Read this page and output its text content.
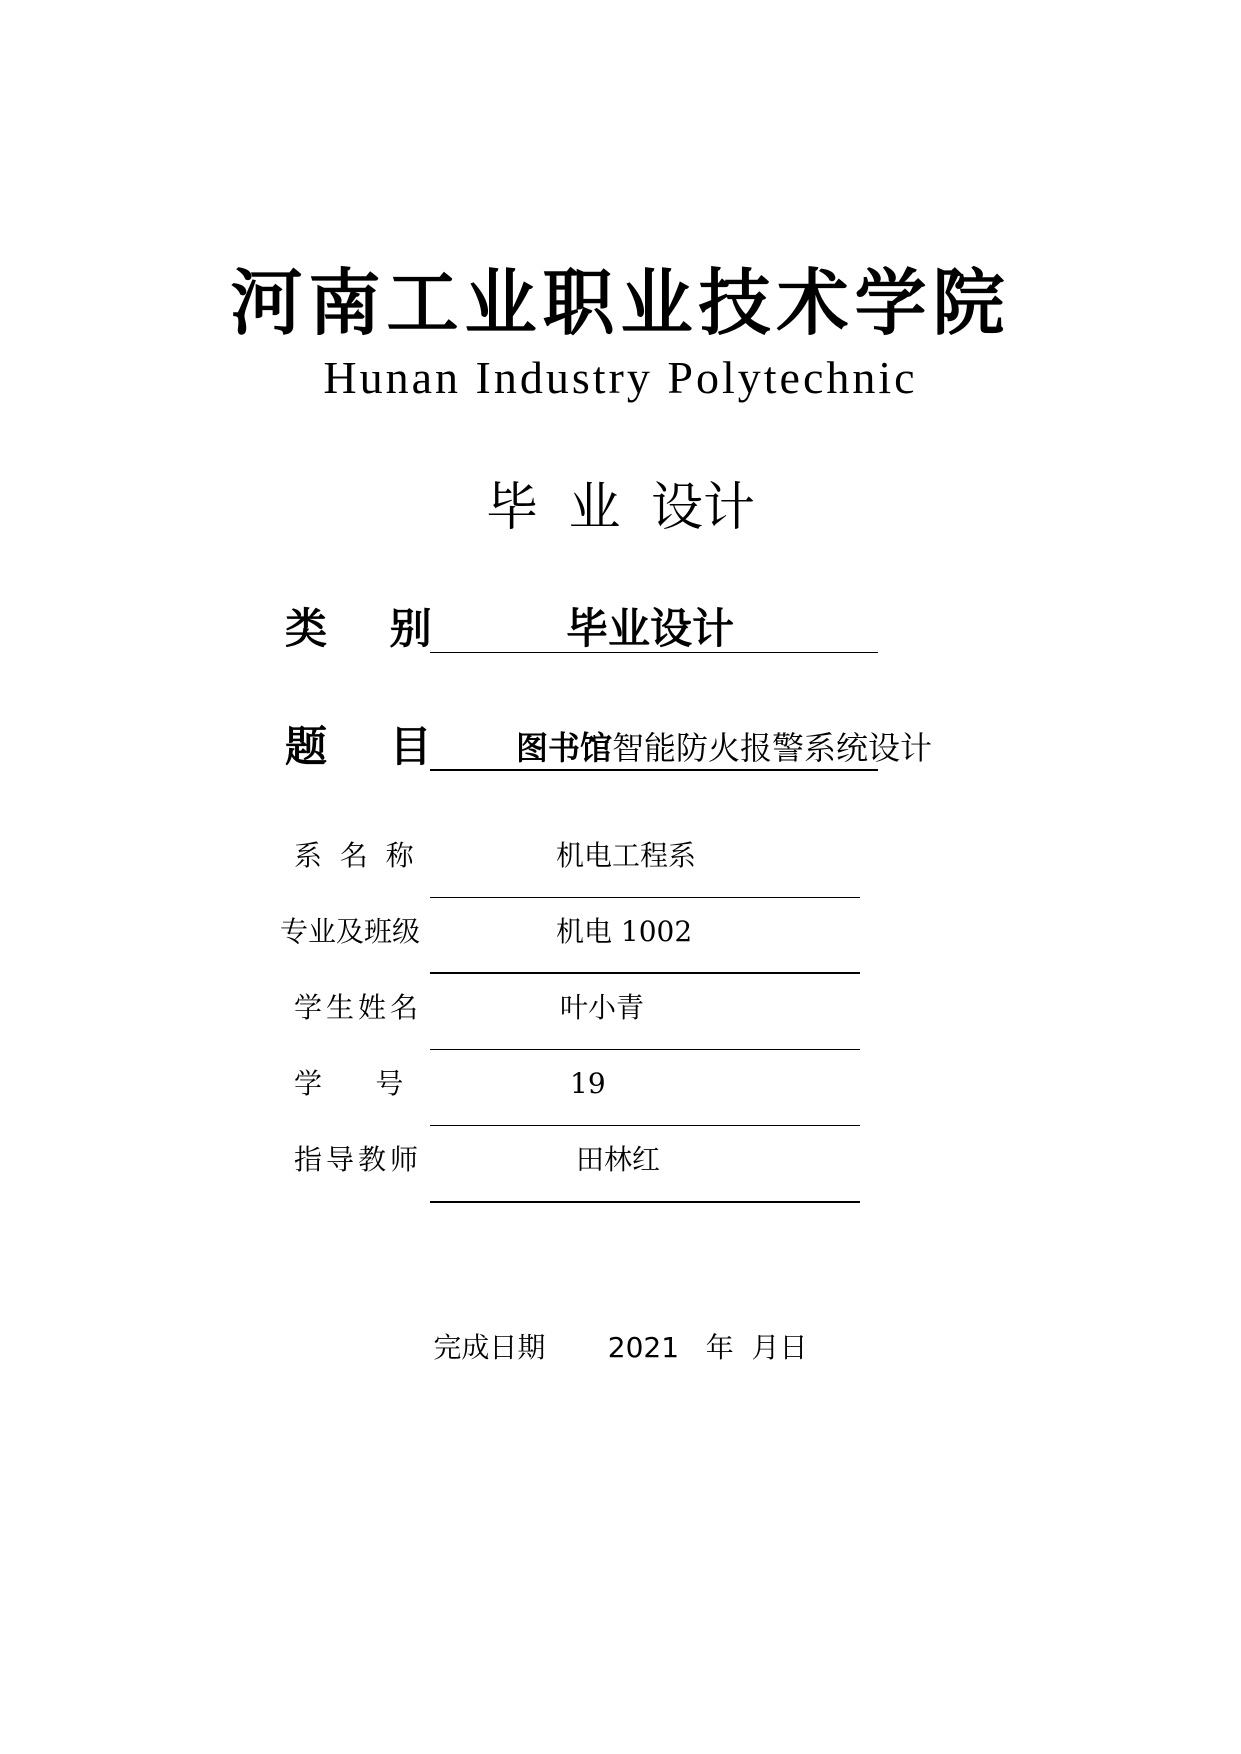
河南工业职业技术学院
Hunan Industry Polytechnic
毕 业 设计
类 别	毕业设计
题 目 图书馆智能防火报警系统设计
系  名  称	机电工程系
专业及班级	机电 1002
学生姓名	叶小青
学      号	19
指导教师	田林红
完成日期 2021 年 月日
